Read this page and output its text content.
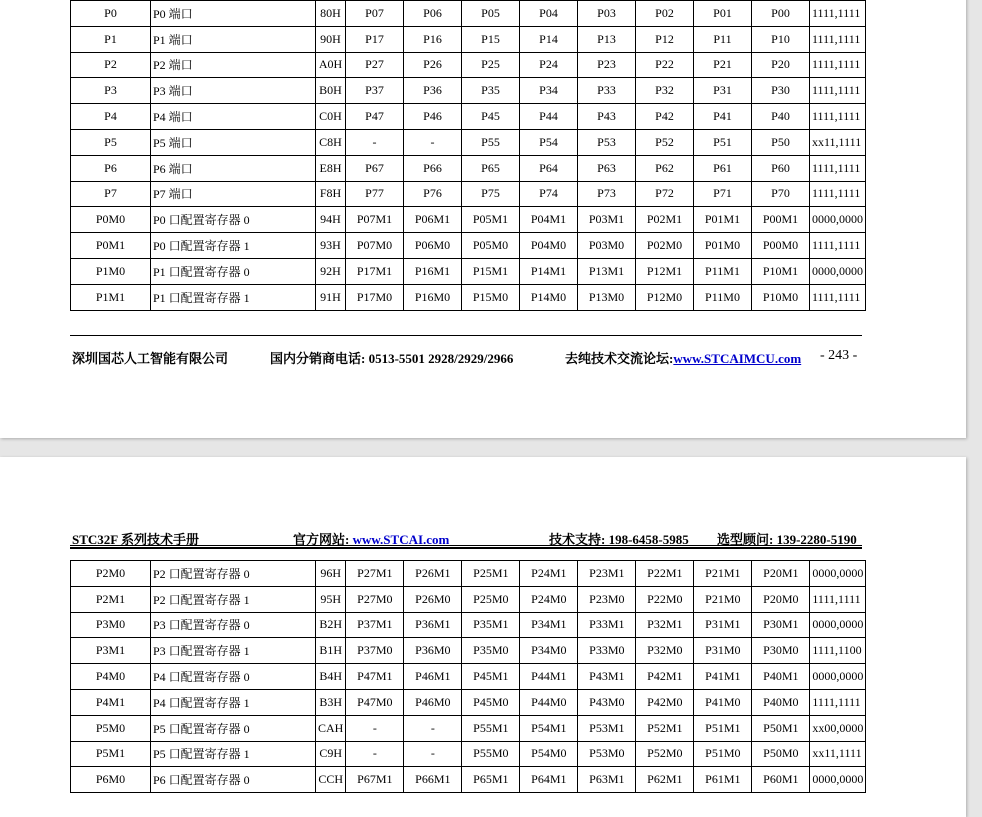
P0	P0 端口	80H	P07	P06	P05	P04	P03	P02	P01	P00	1111,1111
P1	P1 端口	90H	P17	P16	P15	P14	P13	P12	P11	P10	1111,1111
P2	P2 端口	A0H	P27	P26	P25	P24	P23	P22	P21	P20	1111,1111
P3	P3 端口	B0H	P37	P36	P35	P34	P33	P32	P31	P30	1111,1111
P4	P4 端口	C0H	P47	P46	P45	P44	P43	P42	P41	P40	1111,1111
P5	P5 端口	C8H	-	-	P55	P54	P53	P52	P51	P50	xx11,1111
P6	P6 端口	E8H	P67	P66	P65	P64	P63	P62	P61	P60	1111,1111
P7	P7 端口	F8H	P77	P76	P75	P74	P73	P72	P71	P70	1111,1111
P0M0	P0 口配置寄存器 0	94H	P07M1	P06M1	P05M1	P04M1	P03M1	P02M1	P01M1	P00M1	0000,0000
P0M1	P0 口配置寄存器 1	93H	P07M0	P06M0	P05M0	P04M0	P03M0	P02M0	P01M0	P00M0	1111,1111
P1M0	P1 口配置寄存器 0	92H	P17M1	P16M1	P15M1	P14M1	P13M1	P12M1	P11M1	P10M1	0000,0000
P1M1	P1 口配置寄存器 1	91H	P17M0	P16M0	P15M0	P14M0	P13M0	P12M0	P11M0	P10M0	1111,1111
深圳国芯人工智能有限公司	国内分销商电话: 0513-5501 2928/2929/2966	去纯技术交流论坛:www.STCAIMCU.com - 243 -
STC32F 系列技术手册	官方网站: www.STCAI.com	技术支持: 198-6458-5985 选型顾问: 139-2280-5190
P2M0	P2 口配置寄存器 0	96H	P27M1	P26M1	P25M1	P24M1	P23M1	P22M1	P21M1	P20M1	0000,0000
P2M1	P2 口配置寄存器 1	95H	P27M0	P26M0	P25M0	P24M0	P23M0	P22M0	P21M0	P20M0	1111,1111
P3M0	P3 口配置寄存器 0	B2H	P37M1	P36M1	P35M1	P34M1	P33M1	P32M1	P31M1	P30M1	0000,0000
P3M1	P3 口配置寄存器 1	B1H	P37M0	P36M0	P35M0	P34M0	P33M0	P32M0	P31M0	P30M0	1111,1100
P4M0	P4 口配置寄存器 0	B4H	P47M1	P46M1	P45M1	P44M1	P43M1	P42M1	P41M1	P40M1	0000,0000
P4M1	P4 口配置寄存器 1	B3H	P47M0	P46M0	P45M0	P44M0	P43M0	P42M0	P41M0	P40M0	1111,1111
P5M0	P5 口配置寄存器 0	CAH	-	-	P55M1	P54M1	P53M1	P52M1	P51M1	P50M1	xx00,0000
P5M1	P5 口配置寄存器 1	C9H	-	-	P55M0	P54M0	P53M0	P52M0	P51M0	P50M0	xx11,1111
P6M0	P6 口配置寄存器 0	CCH	P67M1	P66M1	P65M1	P64M1	P63M1	P62M1	P61M1	P60M1	0000,0000
